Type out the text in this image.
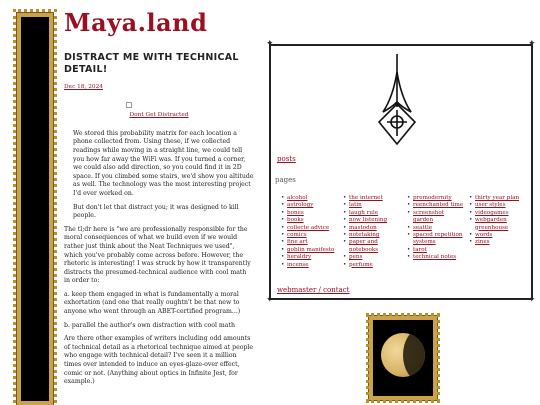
Maya.land
DISTRACT ME WITH TECHNICAL DETAIL!
Dec 18, 2024
Dont Get Distracted

We stored this probability matrix for each location a phone collected from. Using these, if we collected readings while moving in a straight line, we could tell you how far away the WiFi was. If you turned a corner, we could also add direction, so you could find it in 2D space. If you climbed some stairs, we'd show you altitude as well. The technology was the most interesting project I'd ever worked on.

But don't let that distract you; it was designed to kill people.

The tl;dr here is "we are professionally responsible for the moral consequences of what we build even if we would rather just think about the Neat Techniques we used", which you've probably come across before. However, the rhetoric is interesting! I was struck by how it transparently distracts the presumed-technical audience with cool math in order to:

a. keep them engaged in what is fundamentally a moral exhortation (and one that really oughtn't be that new to anyone who went through an ABET-certified program...)

b. parallel the author's own distraction with cool math

Are there other examples of writers including odd amounts of technical detail as a rhetorical technique aimed at people who engage with technical detail? I've seen it a million times over intended to induce an eyes-glaze-over effect, comic or not. (Anything about optics in Infinite Jest, for example.)

✦	✦
✦	✦
posts
pages
• alcohol
• astrology
• bones
• books
• collecte advice
• comics
• fine art
• goblin manifesto
• heraldry
• incense
• the internet
• latin
• laugh rule
• now listening
• mastodon
• notetaking
• paper and notebooks
• pens
• perfume
• premodernity
• reenchanted time
• screenshot garden
• seattle
• spaced repetition systems
• tarot
• technical notes
• thirty year plan
• user styles
• videogames
• webgarden greenhouse
• words
• zines
webmaster / contact
